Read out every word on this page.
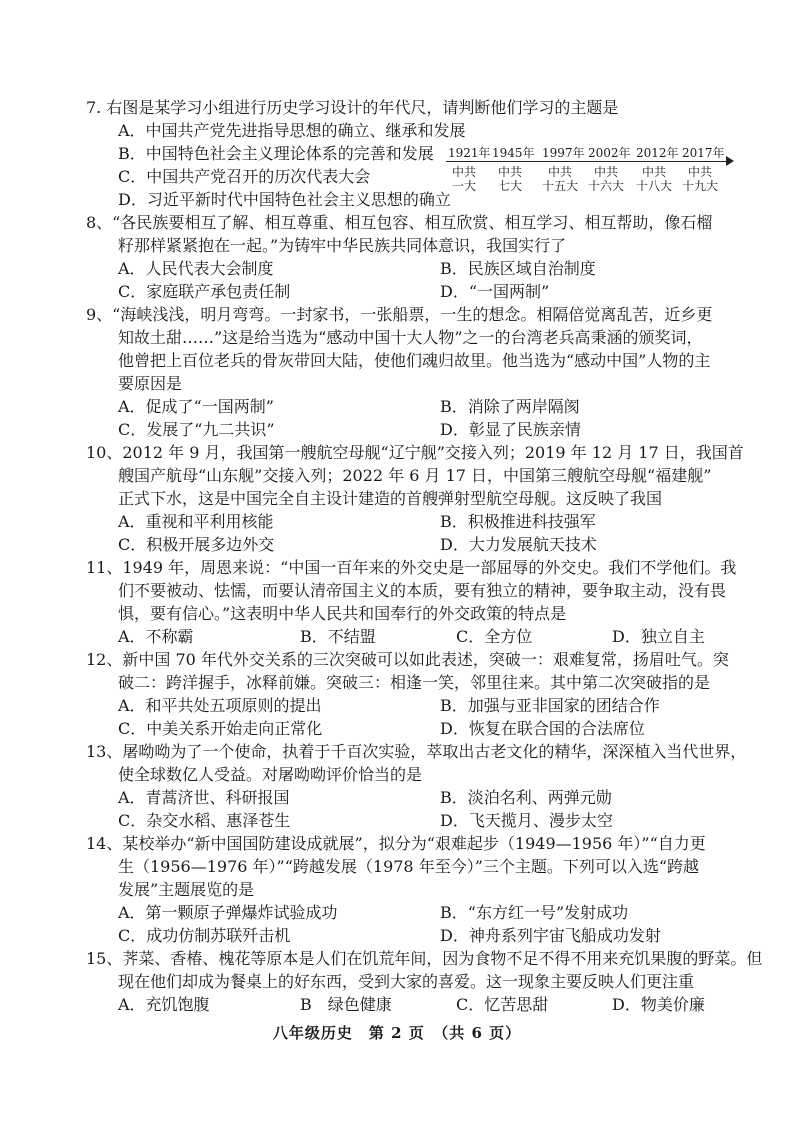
7. 右图是某学习小组进行历史学习设计的年代尺，请判断他们学习的主题是
A．中国共产党先进指导思想的确立、继承和发展
B．中国特色社会主义理论体系的完善和发展
C．中国共产党召开的历次代表大会
D．习近平新时代中国特色社会主义思想的确立
1921年 1945年 1997年 2002年 2012年 2017年
中共
一大
中共
七大
中共
十五大
中共
十六大
中共
十八大
中共
十九大
8、“各民族要相互了解、相互尊重、相互包容、相互欣赏、相互学习、相互帮助，像石榴
籽那样紧紧抱在一起。”为铸牢中华民族共同体意识，我国实行了
A．人民代表大会制度	B．民族区域自治制度
C．家庭联产承包责任制	D．“一国两制”
9、“海峡浅浅，明月弯弯。一封家书，一张船票，一生的想念。相隔倍觉离乱苦，近乡更
知故土甜……”这是给当选为“感动中国十大人物”之一的台湾老兵高秉涵的颁奖词，
他曾把上百位老兵的骨灰带回大陆，使他们魂归故里。他当选为“感动中国”人物的主
要原因是
A．促成了“一国两制”	B．消除了两岸隔阂
C．发展了“九二共识”	D．彰显了民族亲情
10、2012 年 9 月，我国第一艘航空母舰“辽宁舰”交接入列；2019 年 12 月 17 日，我国首
艘国产航母“山东舰”交接入列；2022 年 6 月 17 日，中国第三艘航空母舰“福建舰”
正式下水，这是中国完全自主设计建造的首艘弹射型航空母舰。这反映了我国
A．重视和平利用核能	B．积极推进科技强军
C．积极开展多边外交	D．大力发展航天技术
11、1949 年，周恩来说：“中国一百年来的外交史是一部屈辱的外交史。我们不学他们。我
们不要被动、怯懦，而要认清帝国主义的本质，要有独立的精神，要争取主动，没有畏
惧，要有信心。”这表明中华人民共和国奉行的外交政策的特点是
A．不称霸	B．不结盟	C．全方位	D．独立自主
12、新中国 70 年代外交关系的三次突破可以如此表述，突破一：艰难复常，扬眉吐气。突
破二：跨洋握手，冰释前嫌。突破三：相逢一笑，邻里往来。其中第二次突破指的是
A．和平共处五项原则的提出	B．加强与亚非国家的团结合作
C．中美关系开始走向正常化	D．恢复在联合国的合法席位
13、屠呦呦为了一个使命，执着于千百次实验，萃取出古老文化的精华，深深植入当代世界，
使全球数亿人受益。对屠呦呦评价恰当的是
A．青蒿济世、科研报国	B．淡泊名利、两弹元勋
C．杂交水稻、惠泽苍生	D．飞天揽月、漫步太空
14、某校举办“新中国国防建设成就展”，拟分为“艰难起步（1949—1956 年）”“自力更
生（1956—1976 年）”“跨越发展（1978 年至今）”三个主题。下列可以入选“跨越
发展”主题展览的是
A．第一颗原子弹爆炸试验成功	B．“东方红一号”发射成功
C．成功仿制苏联歼击机	D．神舟系列宇宙飞船成功发射
15、荠菜、香椿、槐花等原本是人们在饥荒年间，因为食物不足不得不用来充饥果腹的野菜。但
现在他们却成为餐桌上的好东西，受到大家的喜爱。这一现象主要反映人们更注重
A．充饥饱腹	B　绿色健康	C．忆苦思甜	D．物美价廉
八年级历史　第 2 页　（共 6 页）
